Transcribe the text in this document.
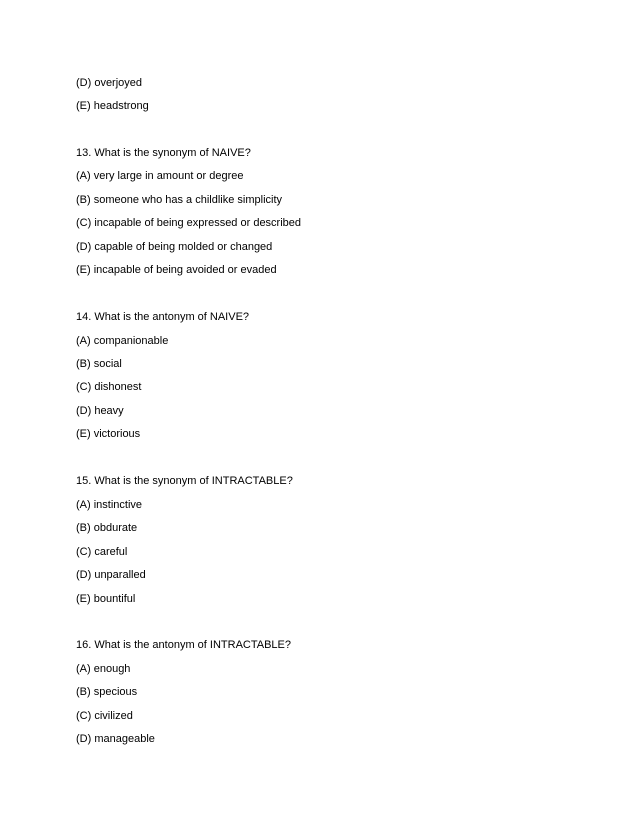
(D) overjoyed
(E) headstrong
13. What is the synonym of NAIVE?
(A) very large in amount or degree
(B) someone who has a childlike simplicity
(C) incapable of being expressed or described
(D) capable of being molded or changed
(E) incapable of being avoided or evaded
14. What is the antonym of NAIVE?
(A) companionable
(B) social
(C) dishonest
(D) heavy
(E) victorious
15. What is the synonym of INTRACTABLE?
(A) instinctive
(B) obdurate
(C) careful
(D) unparalled
(E) bountiful
16. What is the antonym of INTRACTABLE?
(A) enough
(B) specious
(C) civilized
(D) manageable
